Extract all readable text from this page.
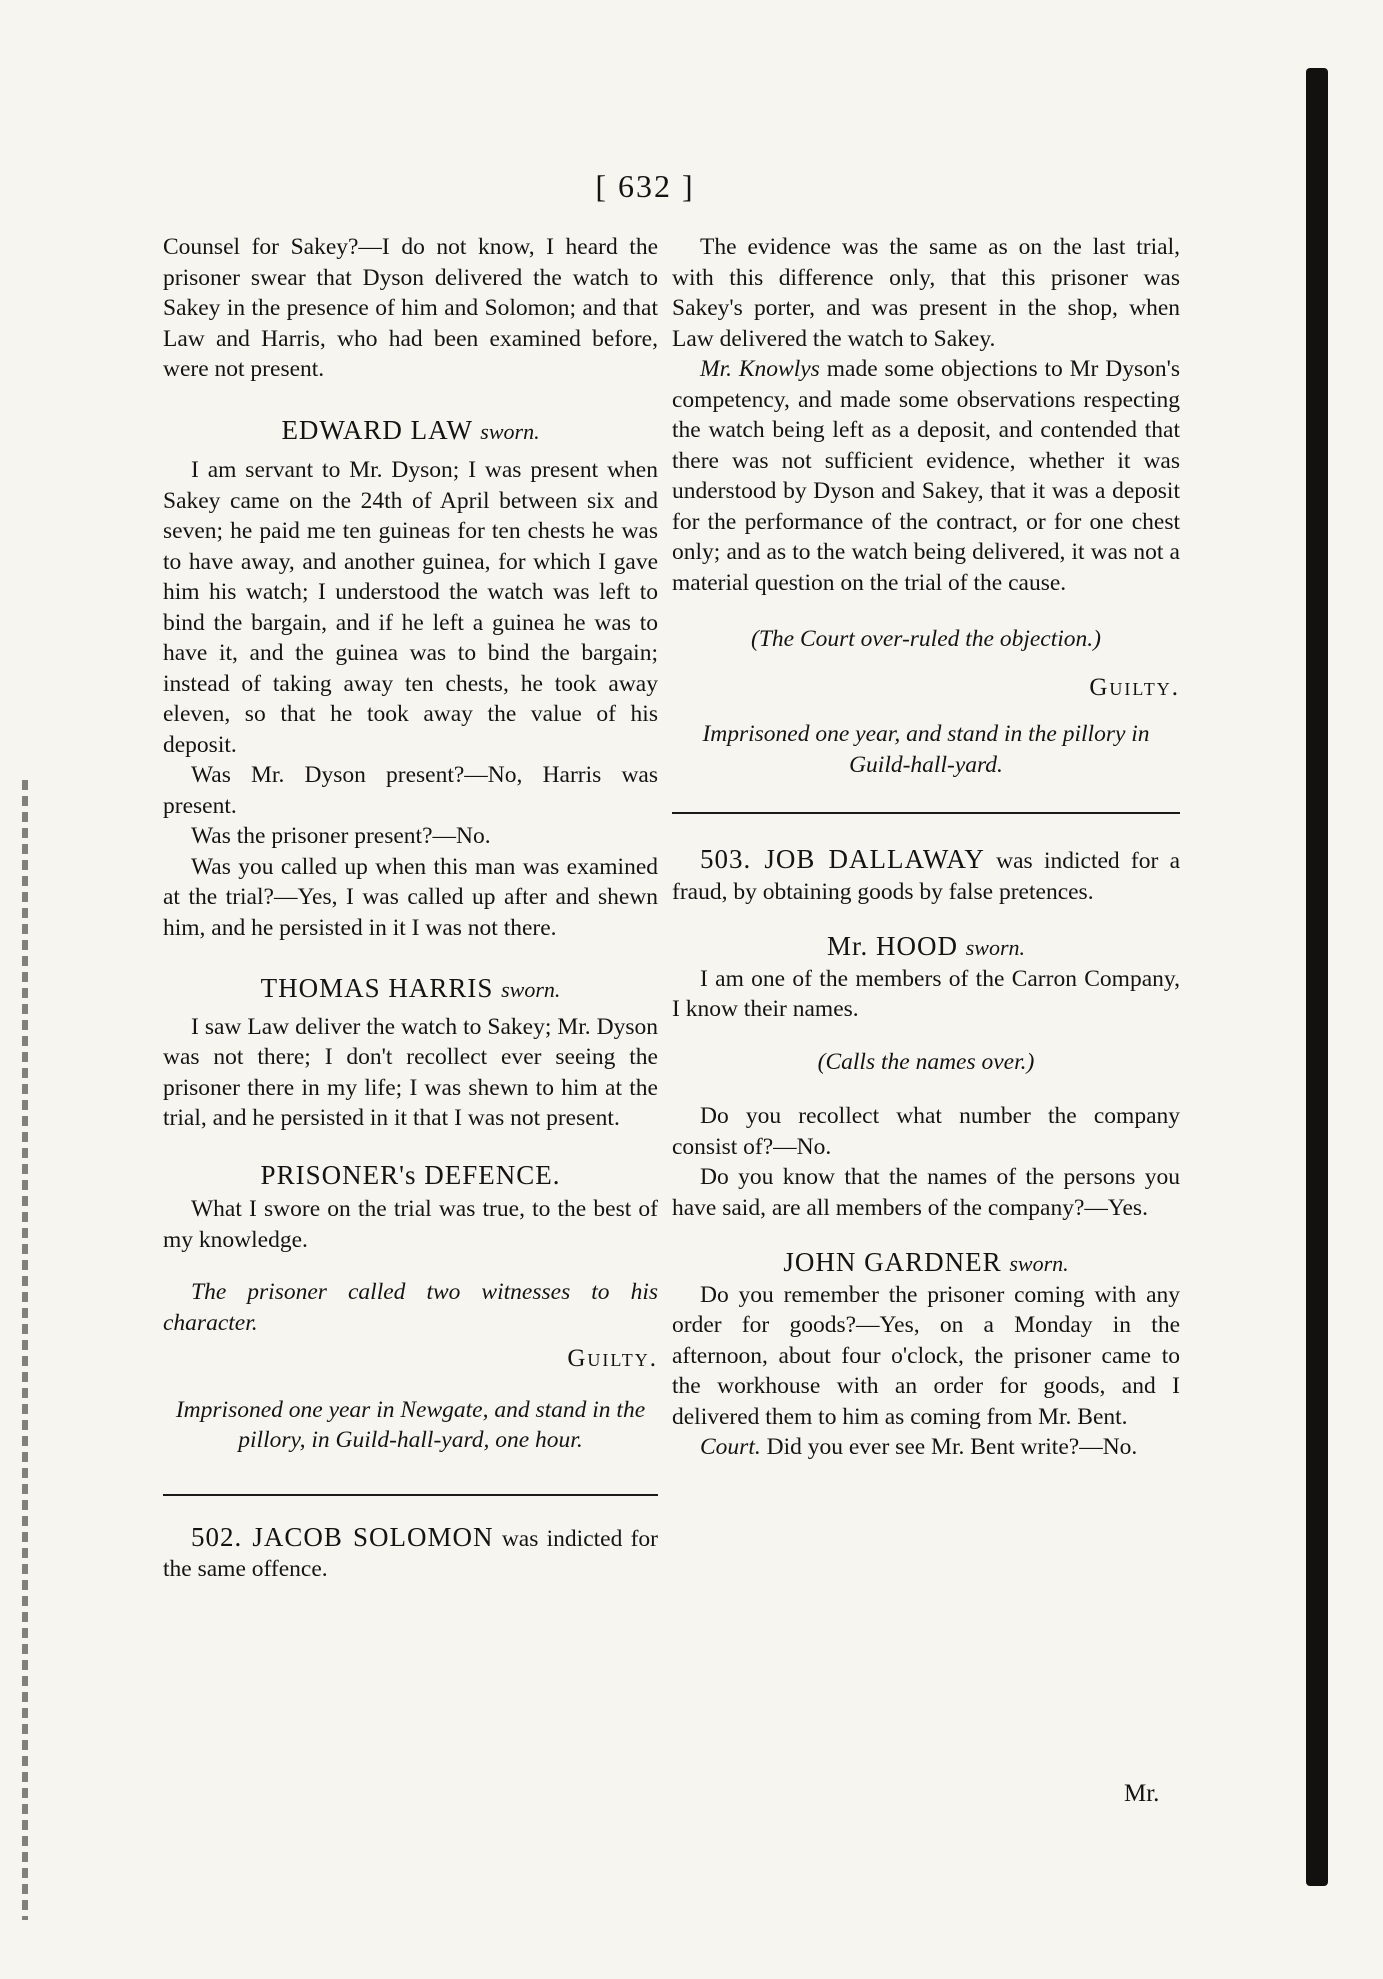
[ 632 ]

Counsel for Sakey?—I do not know, I heard the prisoner swear that Dyson delivered the watch to Sakey in the presence of him and Solomon; and that Law and Harris, who had been examined before, were not present.

EDWARD LAW sworn.

I am servant to Mr. Dyson; I was present when Sakey came on the 24th of April between six and seven; he paid me ten guineas for ten chests he was to have away, and another guinea, for which I gave him his watch; I understood the watch was left to bind the bargain, and if he left a guinea he was to have it, and the guinea was to bind the bargain; instead of taking away ten chests, he took away eleven, so that he took away the value of his deposit.

Was Mr. Dyson present?—No, Harris was present.

Was the prisoner present?—No.

Was you called up when this man was examined at the trial?—Yes, I was called up after and shewn him, and he persisted in it I was not there.

THOMAS HARRIS sworn.

I saw Law deliver the watch to Sakey; Mr. Dyson was not there; I don't recollect ever seeing the prisoner there in my life; I was shewn to him at the trial, and he persisted in it that I was not present.

PRISONER's DEFENCE.

What I swore on the trial was true, to the best of my knowledge.

The prisoner called two witnesses to his character.

Guilty.

Imprisoned one year in Newgate, and stand in the pillory, in Guild-hall-yard, one hour.

502. JACOB SOLOMON was indicted for the same offence.

The evidence was the same as on the last trial, with this difference only, that this prisoner was Sakey's porter, and was present in the shop, when Law delivered the watch to Sakey.

Mr. Knowlys made some objections to Mr Dyson's competency, and made some observations respecting the watch being left as a deposit, and contended that there was not sufficient evidence, whether it was understood by Dyson and Sakey, that it was a deposit for the performance of the contract, or for one chest only; and as to the watch being delivered, it was not a material question on the trial of the cause.

(The Court over-ruled the objection.)

Guilty.

Imprisoned one year, and stand in the pillory in Guild-hall-yard.

503. JOB DALLAWAY was indicted for a fraud, by obtaining goods by false pretences.

Mr. HOOD sworn.

I am one of the members of the Carron Company, I know their names.

(Calls the names over.)

Do you recollect what number the company consist of?—No.

Do you know that the names of the persons you have said, are all members of the company?—Yes.

JOHN GARDNER sworn.

Do you remember the prisoner coming with any order for goods?—Yes, on a Monday in the afternoon, about four o'clock, the prisoner came to the workhouse with an order for goods, and I delivered them to him as coming from Mr. Bent.

Court. Did you ever see Mr. Bent write?—No.

Mr.
